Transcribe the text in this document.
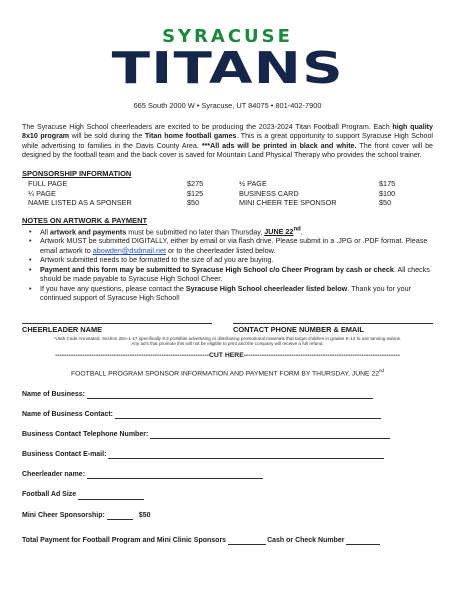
SYRACUSE
TITANS
665 South 2000 W • Syracuse, UT 84075 • 801-402-7900

The Syracuse High School cheerleaders are excited to be producing the 2023-2024 Titan Football Program. Each high quality 8x10 program will be sold during the Titan home football games. This is a great opportunity to support Syracuse High School while advertising to families in the Davis County Area. ***All ads will be printed in black and white. The front cover will be designed by the football team and the back cover is saved for Mountain Land Physical Therapy who provides the school trainer.

SPONSORSHIP INFORMATION
FULL PAGE	$275	½ PAGE	$175
¼ PAGE	$125	BUSINESS CARD	$100
NAME LISTED AS A SPONSER	$50	MINI CHEER TEE SPONSOR	$50
NOTES ON ARTWORK & PAYMENT
• All artwork and payments must be submitted no later than Thursday, JUNE 22nd.
• Artwork MUST be submitted DIGITALLY, either by email or via flash drive. Please submit in a .JPG or .PDF format. Please email artwork to abowden@dsdmail.net or to the cheerleader listed below.
• Artwork submitted needs to be formatted to the size of ad you are buying.
• Payment and this form may be submitted to Syracuse High School c/o Cheer Program by cash or check. All checks should be made payable to Syracuse High School Cheer.
• If you have any questions, please contact the Syracuse High School cheerleader listed below. Thank you for your continued support of Syracuse High School!
CHEERLEADER NAME	CONTACT PHONE NUMBER & EMAIL
*Utah Code Annotated, Section 26A-1-17 specifically 9.3 prohibits advertising or distributing promotional materials that target children in grades K-12 to use tanning salons. Any ad's that promote this will not be eligible to print and the company will receive a full refund.
--------------------------------------------------------------------CUT HERE---------------------------------------------------------------------
FOOTBALL PROGRAM SPONSOR INFORMATION AND PAYMENT FORM BY THURSDAY, JUNE 22nd
Name of Business:
Name of Business Contact:
Business Contact Telephone Number:
Business Contact E-mail:
Cheerleader name:
Football Ad Size
Mini Cheer Sponsorship:	$50
Total Payment for Football Program and Mini Clinic Sponsors	Cash or Check Number
